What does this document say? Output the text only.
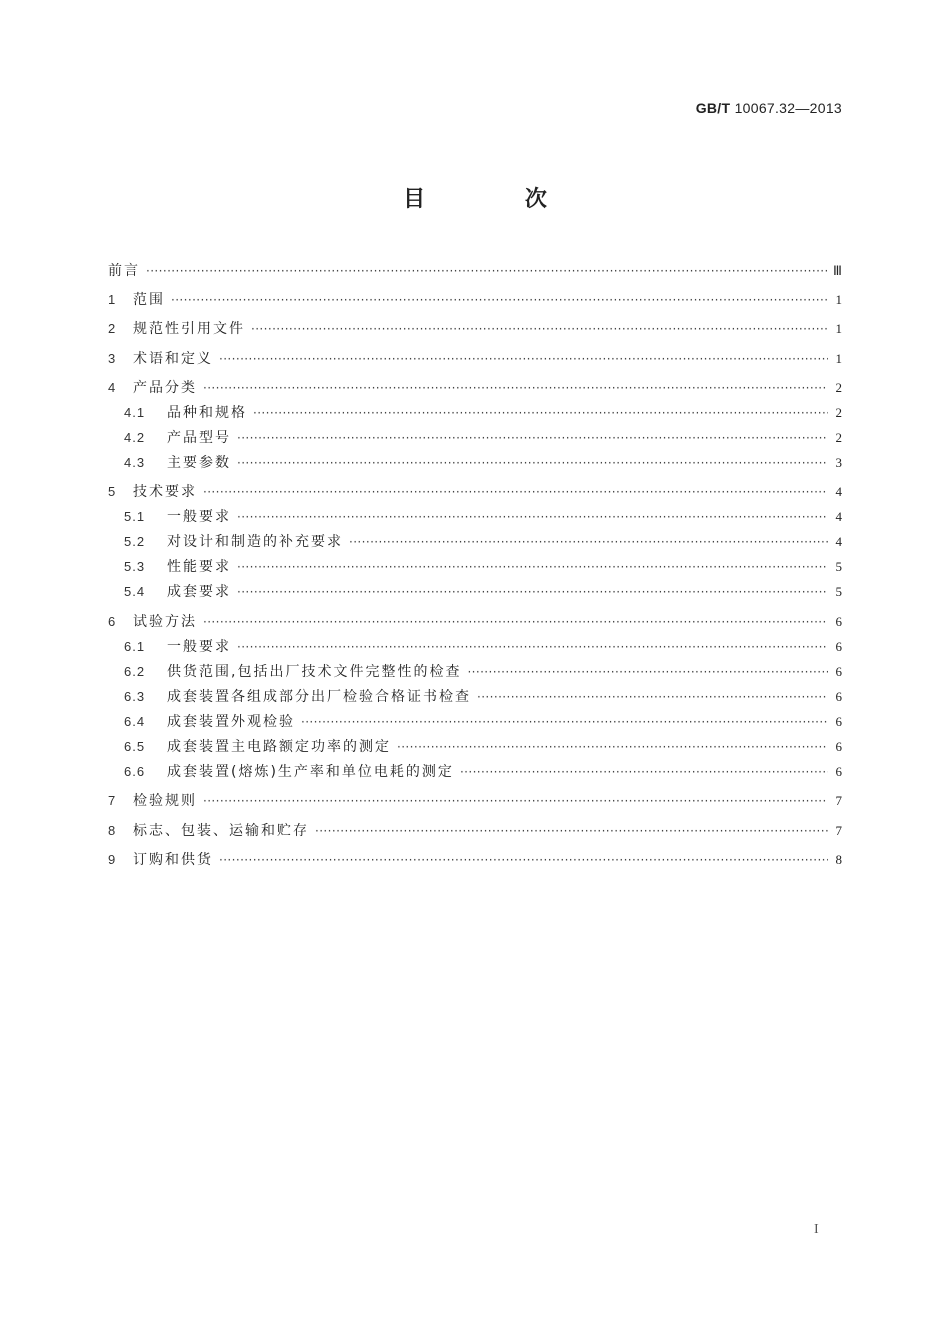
GB/T 10067.32—2013
目 次
前言 ·····	Ⅲ
1	范围 ·····	1
2	规范性引用文件 ·····	1
3	术语和定义 ·····	1
4	产品分类 ·····	2
4.1	品种和规格 ·····	2
4.2	产品型号 ·····	2
4.3	主要参数 ·····	3
5	技术要求 ·····	4
5.1	一般要求 ·····	4
5.2	对设计和制造的补充要求 ·····	4
5.3	性能要求 ·····	5
5.4	成套要求 ·····	5
6	试验方法 ·····	6
6.1	一般要求 ·····	6
6.2	供货范围,包括出厂技术文件完整性的检查 ·····	6
6.3	成套装置各组成部分出厂检验合格证书检查 ·····	6
6.4	成套装置外观检验 ·····	6
6.5	成套装置主电路额定功率的测定 ·····	6
6.6	成套装置(熔炼)生产率和单位电耗的测定 ·····	6
7	检验规则 ·····	7
8	标志、包装、运输和贮存 ·····	7
9	订购和供货 ·····	8
I
